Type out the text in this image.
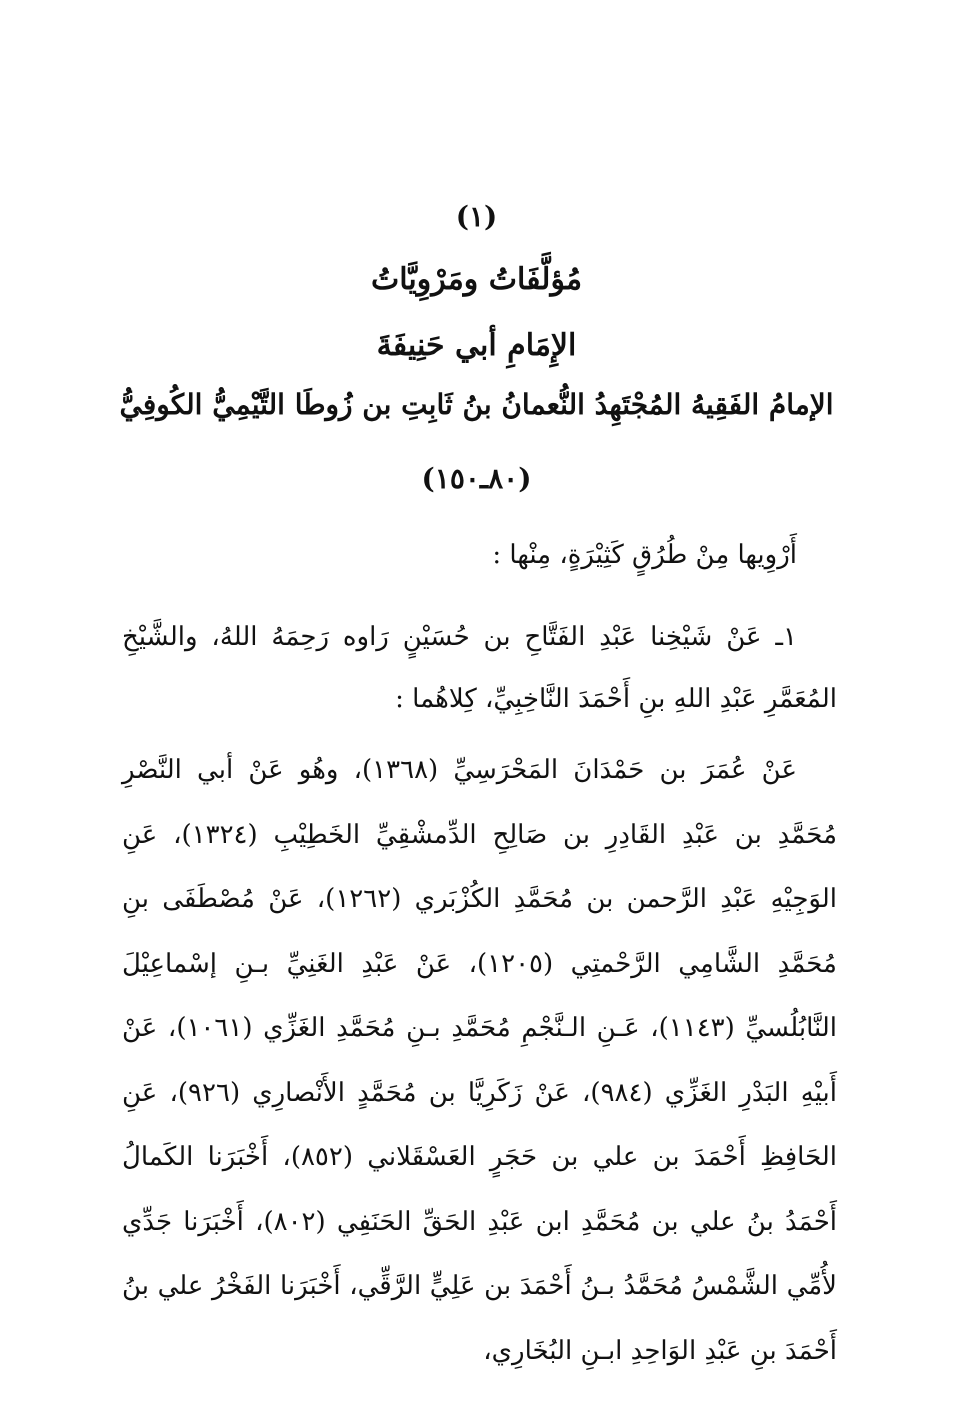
(١)
مُؤلَّفَاتُ ومَرْوِيَّاتُ
الإِمَامِ أبي حَنِيفَةَ
الإمامُ الفَقِيهُ المُجْتَهِدُ النُّعمانُ بنُ ثَابِتِ بن زُوطَا التَّيْمِيُّ الكُوفِيُّ
(٨٠ـ١٥٠)
أَرْوِيها مِنْ طُرُقٍ كَثِيْرَةٍ، مِنْها :
١ـ عَنْ شَيْخِنا عَبْدِ الفَتَّاحِ بن حُسَيْنٍ رَاوه رَحِمَهُ اللهُ، والشَّيْخِ المُعَمَّرِ عَبْدِ اللهِ بنِ أَحْمَدَ النَّاخِبِيِّ، كِلاهُما :
عَنْ عُمَرَ بن حَمْدَانَ المَحْرَسِيِّ (١٣٦٨)، وهُو عَنْ أبي النَّصْرِ مُحَمَّدِ بن عَبْدِ القَادِرِ بن صَالِحِ الدِّمشْقِيِّ الخَطِيْبِ (١٣٢٤)، عَنِ الوَجِيْهِ عَبْدِ الرَّحمن بن مُحَمَّدِ الكُزْبَري (١٢٦٢)، عَنْ مُصْطَفَى بنِ مُحَمَّدِ الشَّامِي الرَّحْمتِي (١٢٠٥)، عَنْ عَبْدِ الغَنِيِّ بـنِ إسْماعِيْلَ النَّابُلُسيِّ (١١٤٣)، عَـنِ الـنَّجْمِ مُحَمَّدِ بـنِ مُحَمَّدِ الغَزِّي (١٠٦١)، عَنْ أَبيْهِ البَدْرِ الغَزِّي (٩٨٤)، عَنْ زَكَرِيَّا بن مُحَمَّدٍ الأَنْصارِي (٩٢٦)، عَنِ الحَافِظِ أَحْمَدَ بن علي بن حَجَرٍ العَسْقَلاني (٨٥٢)، أَخْبَرَنا الكَمالُ أَحْمَدُ بنُ علي بن مُحَمَّدِ ابن عَبْدِ الحَقِّ الحَنَفِي (٨٠٢)، أَخْبَرَنا جَدِّي لأُمِّي الشَّمْسُ مُحَمَّدُ بـنُ أَحْمَدَ بن عَلِيٍّ الرَّقِّي، أَخْبَرَنا الفَخْرُ علي بنُ أَحْمَدَ بنِ عَبْدِ الوَاحِدِ ابـنِ البُخَارِي،
